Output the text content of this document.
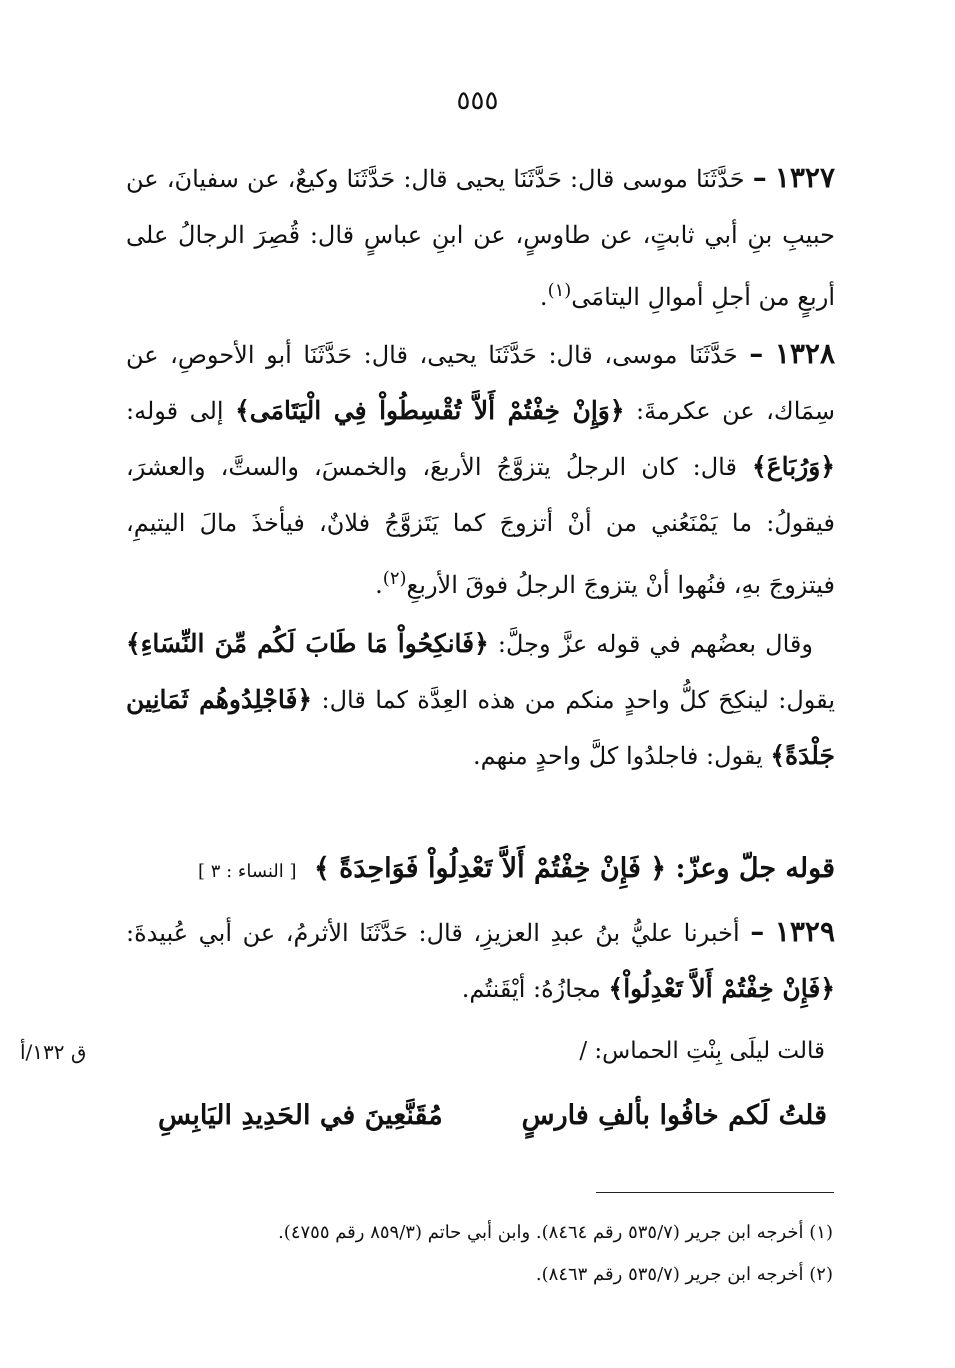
٥٥٥

١٣٢٧ – حَدَّثَنَا موسى قال: حَدَّثَنَا يحيى قال: حَدَّثَنَا وكيعٌ، عن سفيانَ، عن حبيبِ بنِ أبي ثابتٍ، عن طاوسٍ، عن ابنِ عباسٍ قال: قُصِرَ الرجالُ على أربعٍ من أجلِ أموالِ اليتامَى$^{(١)}$.

١٣٢٨ – حَدَّثَنَا موسى، قال: حَدَّثَنَا يحيى، قال: حَدَّثَنَا أبو الأحوصِ، عن سِمَاك، عن عكرمةَ: ﴿وَإِنْ خِفْتُمْ أَلاَّ تُقْسِطُواْ فِي الْيَتَامَى﴾ إلى قوله: ﴿وَرُبَاعَ﴾ قال: كان الرجلُ يتزوَّجُ الأربعَ، والخمسَ، والستَّ، والعشرَ، فيقولُ: ما يَمْنَعُني من أنْ أتزوجَ كما يَتَزوَّجُ فلانٌ، فيأخذَ مالَ اليتيمِ، فيتزوجَ بهِ، فنُهوا أنْ يتزوجَ الرجلُ فوقَ الأربعِ$^{(٢)}$.

وقال بعضُهم في قوله عزَّ وجلَّ: ﴿فَانكِحُواْ مَا طَابَ لَكُم مِّنَ النِّسَاءِ﴾ يقول: لينكِحَ كلُّ واحدٍ منكم من هذه العِدَّة كما قال: ﴿فَاجْلِدُوهُم ثَمَانِين جَلْدَةً﴾ يقول: فاجلدُوا كلَّ واحدٍ منهم.

قوله جلّ وعزّ: ﴿ فَإِنْ خِفْتُمْ أَلاَّ تَعْدِلُواْ فَوَاحِدَةً ﴾ [ النساء : ٣ ]

١٣٢٩ – أخبرنا عليُّ بنُ عبدِ العزيزِ، قال: حَدَّثَنَا الأثرمُ، عن أبي عُبيدةَ: ﴿فَإِنْ خِفْتُمْ أَلاَّ تَعْدِلُواْ﴾ مجازُهُ: أيْقَنتُم.

ق ١٣٢/أ	قالت ليلَى بِنْتِ الحماس: /
قلتُ لَكم خافُوا بألفِ فارسٍ
مُقَنَّعِينَ في الحَدِيدِ اليَابِسِ
(١) أخرجه ابن جرير (٥٣٥/٧ رقم ٨٤٦٤). وابن أبي حاتم (٨٥٩/٣ رقم ٤٧٥٥).
(٢) أخرجه ابن جرير (٥٣٥/٧ رقم ٨٤٦٣).
